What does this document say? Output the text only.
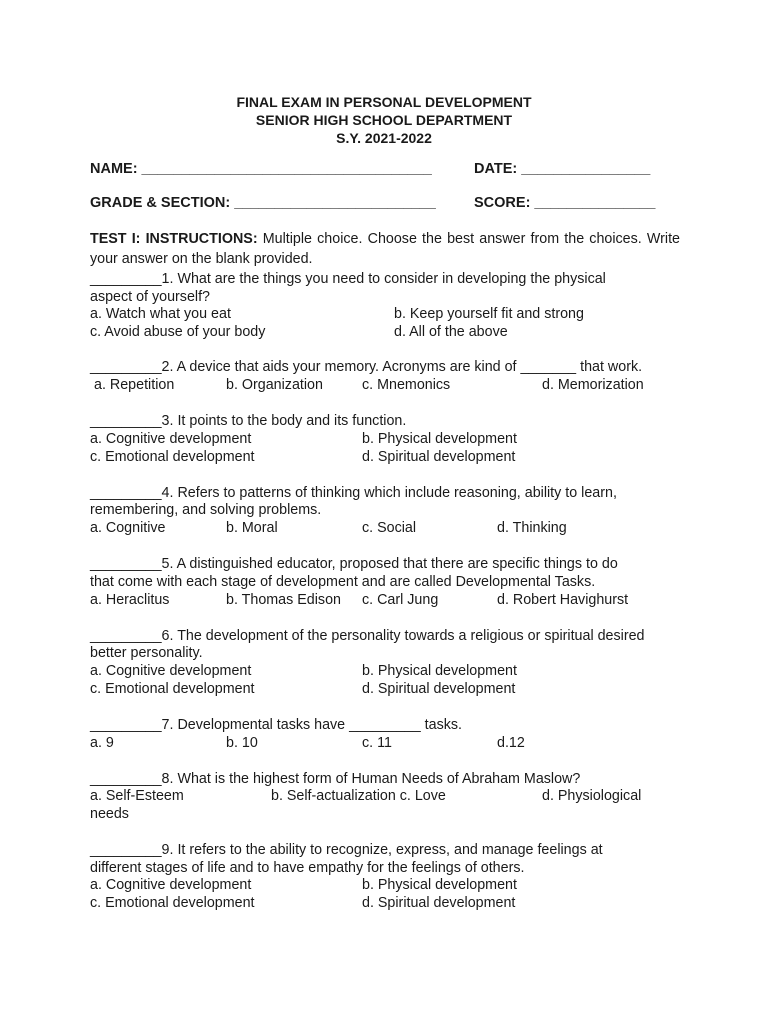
FINAL EXAM IN PERSONAL DEVELOPMENT
SENIOR HIGH SCHOOL DEPARTMENT
S.Y. 2021-2022
NAME: ____________________________________	DATE: ________________
GRADE & SECTION: _________________________	SCORE: _______________
TEST I: INSTRUCTIONS: Multiple choice. Choose the best answer from the choices. Write your answer on the blank provided.
_________1. What are the things you need to consider in developing the physical
aspect of yourself?
a. Watch what you eat	b. Keep yourself fit and strong
c. Avoid abuse of your body	d. All of the above
_________2. A device that aids your memory. Acronyms are kind of _______ that work.
a. Repetition	b. Organization	c. Mnemonics	d. Memorization
_________3. It points to the body and its function.
a. Cognitive development	b. Physical development
c. Emotional development	d. Spiritual development
_________4. Refers to patterns of thinking which include reasoning, ability to learn,
remembering, and solving problems.
a. Cognitive	b. Moral	c. Social	d. Thinking
_________5. A distinguished educator, proposed that there are specific things to do
that come with each stage of development and are called Developmental Tasks.
a. Heraclitus	b. Thomas Edison c. Carl Jung	d. Robert Havighurst
_________6. The development of the personality towards a religious or spiritual desired
better personality.
a. Cognitive development	b. Physical development
c. Emotional development	d. Spiritual development
_________7. Developmental tasks have _________ tasks.
a. 9	b. 10	c. 11	d.12
_________8. What is the highest form of Human Needs of Abraham Maslow?
a. Self-Esteem	b. Self-actualization c. Love	d. Physiological
needs
_________9. It refers to the ability to recognize, express, and manage feelings at
different stages of life and to have empathy for the feelings of others.
a. Cognitive development	b. Physical development
c. Emotional development	d. Spiritual development
